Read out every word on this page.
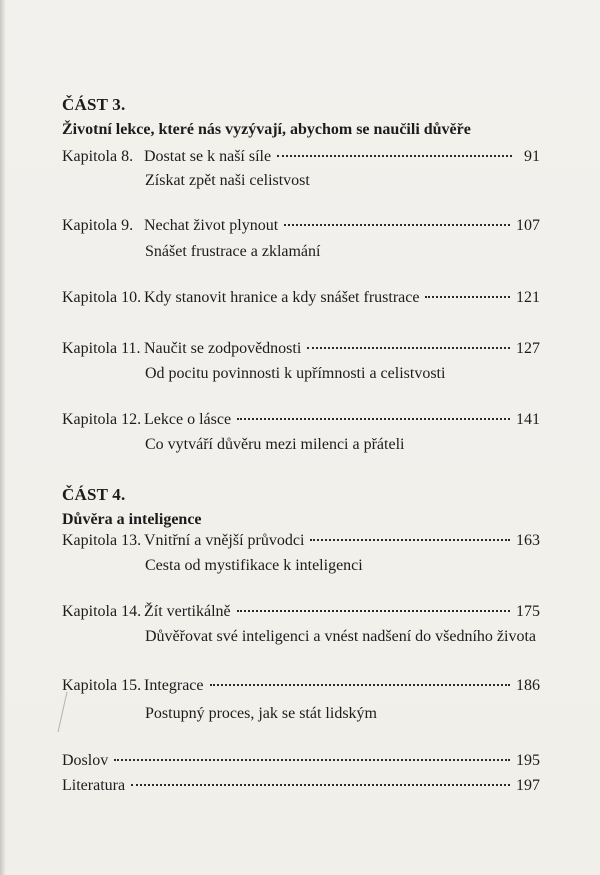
ČÁST 3.
Životní lekce, které nás vyzývají, abychom se naučili důvěře
Kapitola 8. Dostat se k naší síle	91
Získat zpět naši celistvost
Kapitola 9. Nechat život plynout	107
Snášet frustrace a zklamání
Kapitola 10. Kdy stanovit hranice a kdy snášet frustrace	121
Kapitola 11. Naučit se zodpovědnosti	127
Od pocitu povinnosti k upřímnosti a celistvosti
Kapitola 12. Lekce o lásce	141
Co vytváří důvěru mezi milenci a přáteli
ČÁST 4.
Důvěra a inteligence
Kapitola 13. Vnitřní a vnější průvodci	163
Cesta od mystifikace k inteligenci
Kapitola 14. Žít vertikálně	175
Důvěřovat své inteligenci a vnést nadšení do všedního života
Kapitola 15. Integrace	186
Postupný proces, jak se stát lidským
Doslov	195
Literatura	197
